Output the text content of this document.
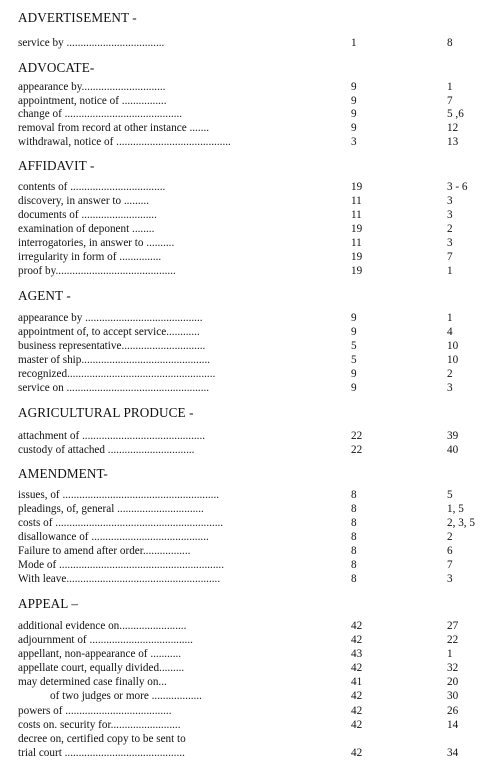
ADVERTISEMENT -
service by ...................................	1	8
ADVOCATE-
appearance by..............................	9	1
appointment, notice of ................	9	7
change of ..........................................	9	5 ,6
removal from record at other instance .......	9	12
withdrawal, notice of .........................................	3	13
AFFIDAVIT -
contents of ..................................	19	3 - 6
discovery, in answer to .........	11	3
documents of ...........................	11	3
examination of deponent ........	19	2
interrogatories, in answer to ..........	11	3
irregularity in form of ...............	19	7
proof by...........................................	19	1
AGENT -
appearance by ..........................................	9	1
appointment of, to accept service............	9	4
business representative..............................	5	10
master of ship..............................................	5	10
recognized.....................................................	9	2
service on ...................................................	9	3
AGRICULTURAL PRODUCE -
attachment of ............................................	22	39
custody of attached ...............................	22	40
AMENDMENT-
issues, of ........................................................	8	5
pleadings, of, general ...............................	8	1, 5
costs of ............................................................	8	2, 3, 5
disallowance of ..........................................	8	2
Failure to amend after order.................	8	6
Mode of ...........................................................	8	7
With leave.......................................................	8	3
APPEAL –
additional evidence on........................	42	27
adjournment of .....................................	42	22
appellant, non-appearance of ...........	43	1
appellate court, equally divided.........	42	32
may determined case finally on...	41	20
of two judges or more ..................	42	30
powers of ......................................	42	26
costs on. security for.........................	42	14
decree on, certified copy to be sent to
trial court ...........................................	42	34
